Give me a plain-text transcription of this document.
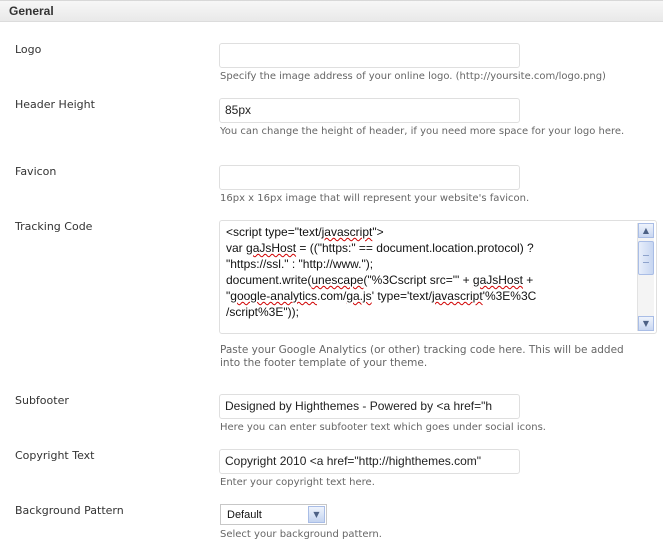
General
Logo
Specify the image address of your online logo. (http://yoursite.com/logo.png)
Header Height	85px
You can change the height of header, if you need more space for your logo here.
Favicon
16px x 16px image that will represent your website's favicon.
Tracking Code	<script type="text/javascript">
var gaJsHost = (("https:" == document.location.protocol) ?
"https://ssl." : "http://www.");
document.write(unescape("%3Cscript src='" + gaJsHost +
"google-analytics.com/ga.js' type='text/javascript'%3E%3C
/script%3E"));
▲
▼
Paste your Google Analytics (or other) tracking code here. This will be added into the footer template of your theme.
Subfooter	Designed by Highthemes - Powered by <a href="h
Here you can enter subfooter text which goes under social icons.
Copyright Text	Copyright 2010 <a href="http://highthemes.com"
Enter your copyright text here.
Background Pattern	Default	▼
Select your background pattern.
